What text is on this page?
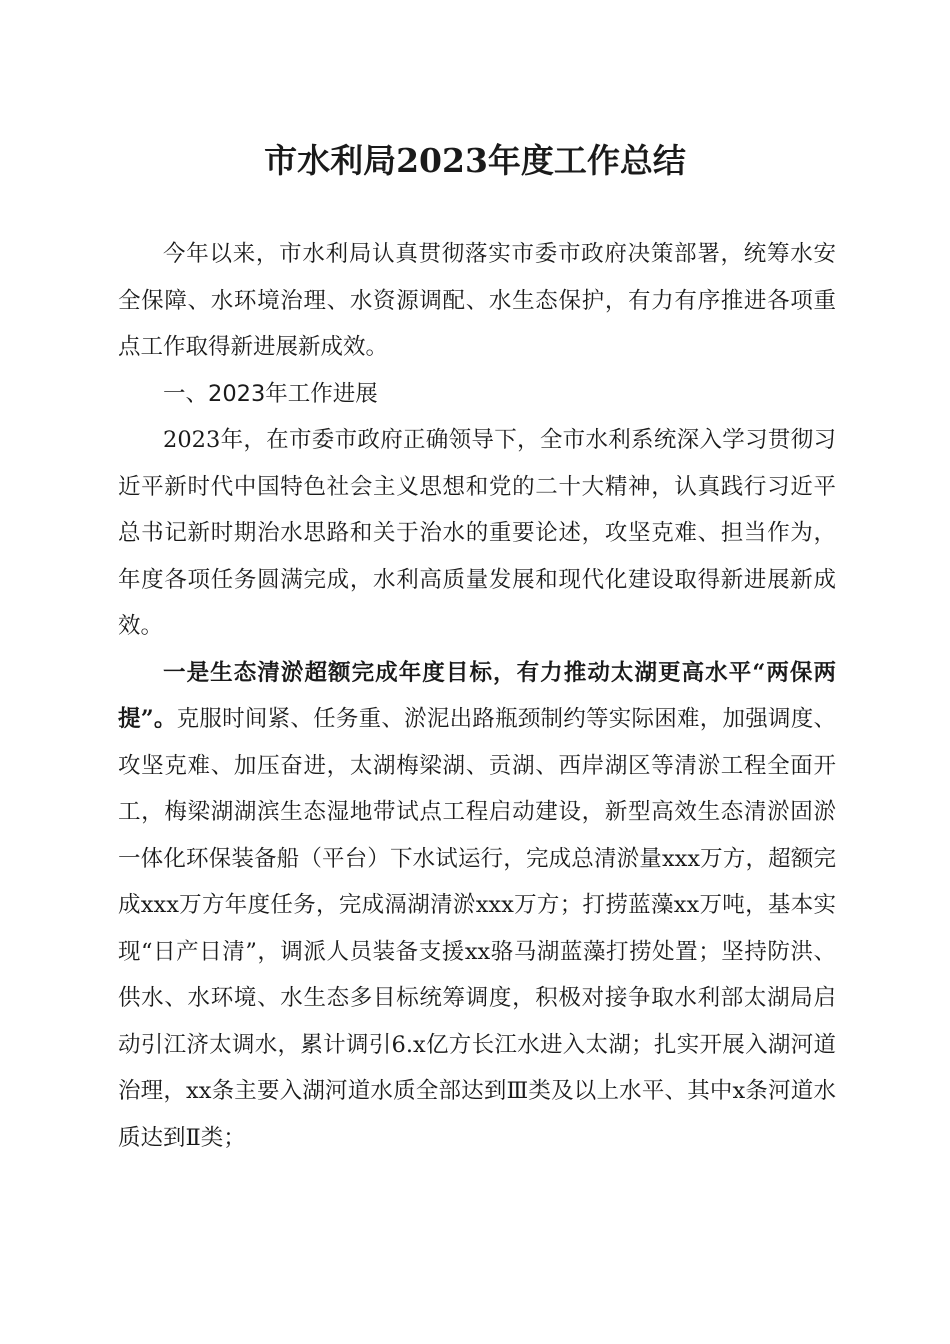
市水利局2023年度工作总结

今年以来，市水利局认真贯彻落实市委市政府决策部署，统筹水安全保障、水环境治理、水资源调配、水生态保护，有力有序推进各项重点工作取得新进展新成效。

一、2023年工作进展

2023年，在市委市政府正确领导下，全市水利系统深入学习贯彻习近平新时代中国特色社会主义思想和党的二十大精神，认真践行习近平总书记新时期治水思路和关于治水的重要论述，攻坚克难、担当作为，年度各项任务圆满完成，水利高质量发展和现代化建设取得新进展新成效。

一是生态清淤超额完成年度目标，有力推动太湖更高水平“两保两提”。克服时间紧、任务重、淤泥出路瓶颈制约等实际困难，加强调度、攻坚克难、加压奋进，太湖梅梁湖、贡湖、西岸湖区等清淤工程全面开工，梅梁湖湖滨生态湿地带试点工程启动建设，新型高效生态清淤固淤一体化环保装备船（平台）下水试运行，完成总清淤量xxx万方，超额完成xxx万方年度任务，完成滆湖清淤xxx万方；打捞蓝藻xx万吨，基本实现“日产日清”，调派人员装备支援xx骆马湖蓝藻打捞处置；坚持防洪、供水、水环境、水生态多目标统筹调度，积极对接争取水利部太湖局启动引江济太调水，累计调引6.x亿方长江水进入太湖；扎实开展入湖河道治理，xx条主要入湖河道水质全部达到Ⅲ类及以上水平、其中x条河道水质达到Ⅱ类；
